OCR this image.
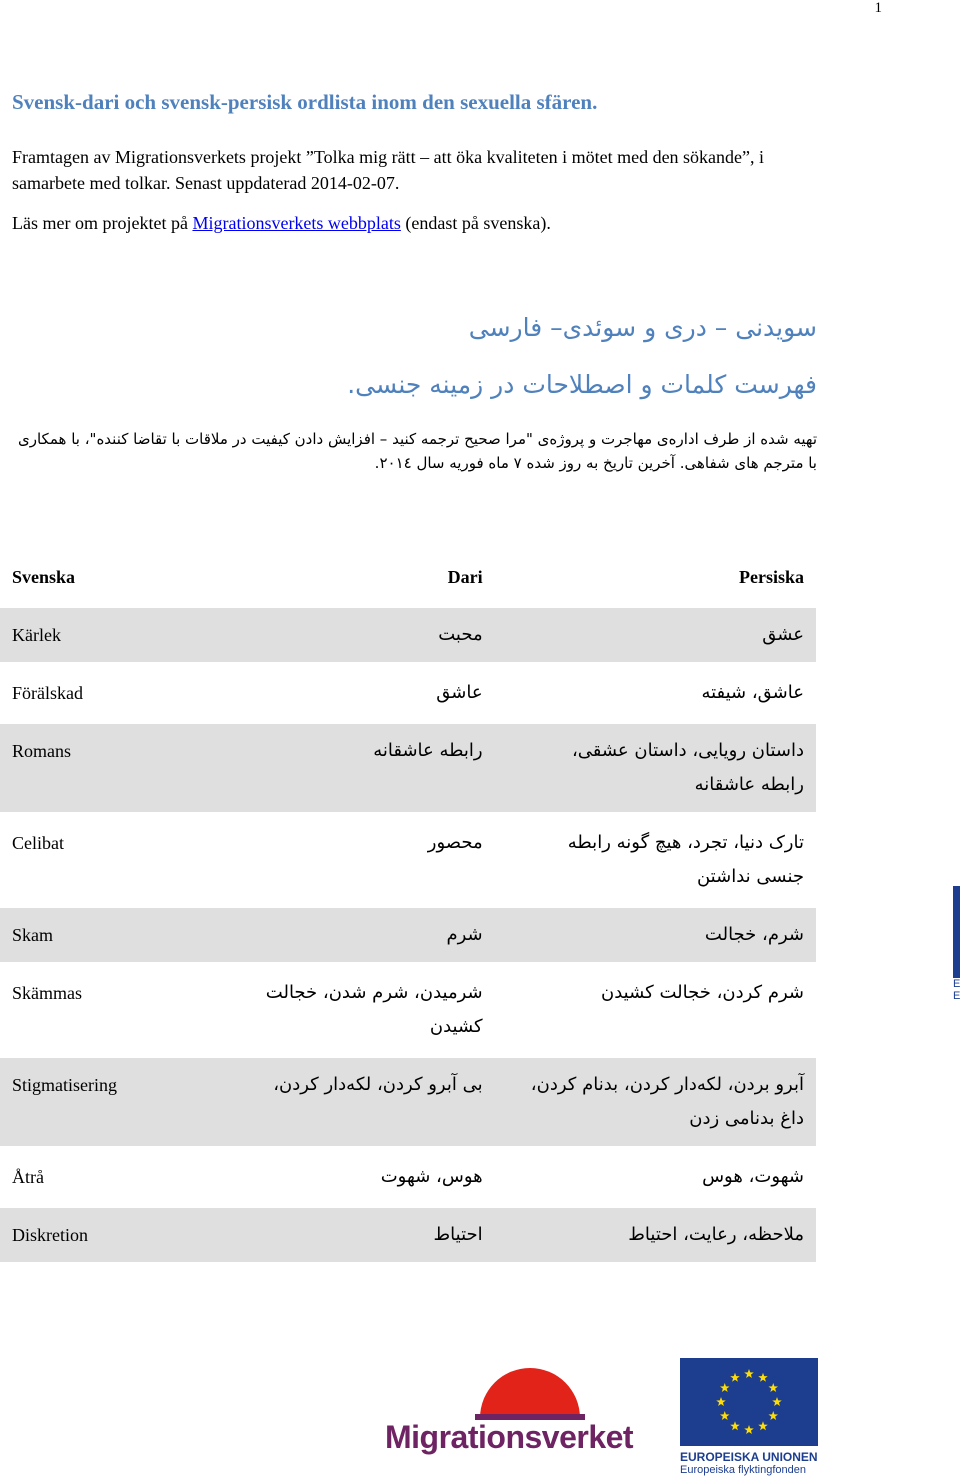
1
Svensk-dari och svensk-persisk ordlista inom den sexuella sfären.

Framtagen av Migrationsverkets projekt ”Tolka mig rätt – att öka kvaliteten i mötet med den sökande”, i samarbete med tolkar. Senast uppdaterad 2014-02-07.

Läs mer om projektet på Migrationsverkets webbplats (endast på svenska).

سویدنی – دری و سوئدی– فارسی
فهرست کلمات و اصطلاحات در زمینه جنسی.
تهیه شده از طرف اداره‌ی مهاجرت و پروژه‌ی "مرا صحیح ترجمه کنید – افزایش دادن کیفیت در ملاقات با تقاضا کننده"، با همکاری با مترجم های شفاهی. آخرین تاریخ به روز شده ۷ ماه فوریه سال ۲۰۱٤.
Svenska	Dari	Persiska
Kärlek	محبت	عشق
Förälskad	عاشق	عاشق، شیفته
Romans	رابطه عاشقانه	داستان رویایی، داستان عشقی، رابطه عاشقانه
Celibat	محصور	تارک دنیا، تجرد، هیچ گونه رابطه جنسی نداشتن
Skam	شرم	شرم، خجالت
Skämmas	شرمیدن، شرم شدن، خجالت کشیدن	شرم کردن، خجالت کشیدن
Stigmatisering	بی آبرو کردن، لکه‌دار کردن،	آبرو بردن، لکه‌دار کردن، بدنام کردن، داغ بدنامی زدن
Åtrå	هوس، شهوت	شهوت، هوس
Diskretion	احتیاط	ملاحظه، رعایت، احتیاط
Migrationsverket
EUROPEISKA UNIONEN
Europeiska flyktingfonden
E E
